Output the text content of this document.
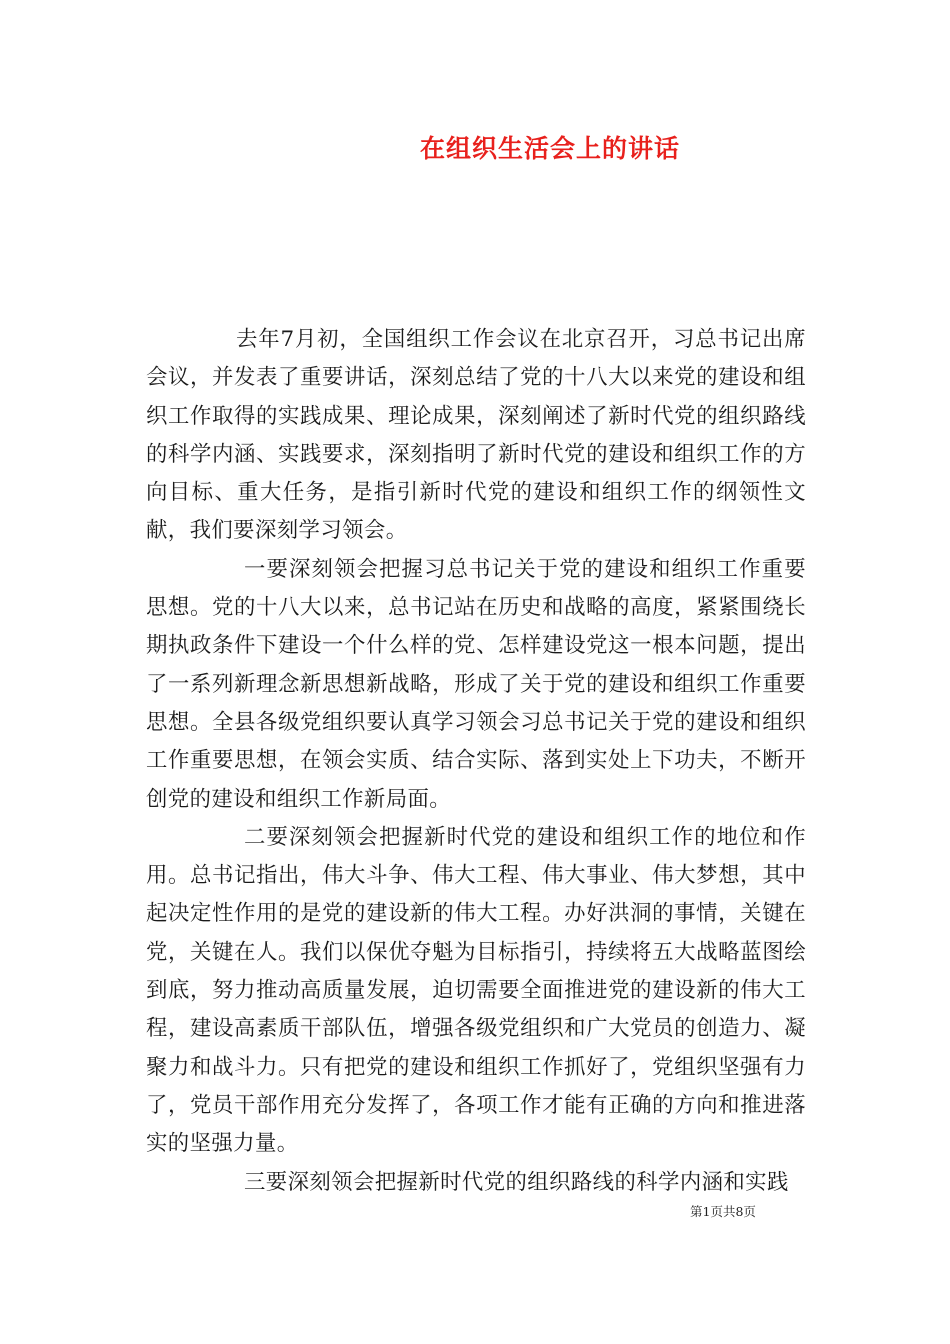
在组织生活会上的讲话

去年7月初，全国组织工作会议在北京召开，习总书记出席会议，并发表了重要讲话，深刻总结了党的十八大以来党的建设和组织工作取得的实践成果、理论成果，深刻阐述了新时代党的组织路线的科学内涵、实践要求，深刻指明了新时代党的建设和组织工作的方向目标、重大任务，是指引新时代党的建设和组织工作的纲领性文献，我们要深刻学习领会。

一要深刻领会把握习总书记关于党的建设和组织工作重要思想。党的十八大以来，总书记站在历史和战略的高度，紧紧围绕长期执政条件下建设一个什么样的党、怎样建设党这一根本问题，提出了一系列新理念新思想新战略，形成了关于党的建设和组织工作重要思想。全县各级党组织要认真学习领会习总书记关于党的建设和组织工作重要思想，在领会实质、结合实际、落到实处上下功夫，不断开创党的建设和组织工作新局面。

二要深刻领会把握新时代党的建设和组织工作的地位和作用。总书记指出，伟大斗争、伟大工程、伟大事业、伟大梦想，其中起决定性作用的是党的建设新的伟大工程。办好洪洞的事情，关键在党，关键在人。我们以保优夺魁为目标指引，持续将五大战略蓝图绘到底，努力推动高质量发展，迫切需要全面推进党的建设新的伟大工程，建设高素质干部队伍，增强各级党组织和广大党员的创造力、凝聚力和战斗力。只有把党的建设和组织工作抓好了，党组织坚强有力了，党员干部作用充分发挥了，各项工作才能有正确的方向和推进落实的坚强力量。

三要深刻领会把握新时代党的组织路线的科学内涵和实践

第1页共8页
